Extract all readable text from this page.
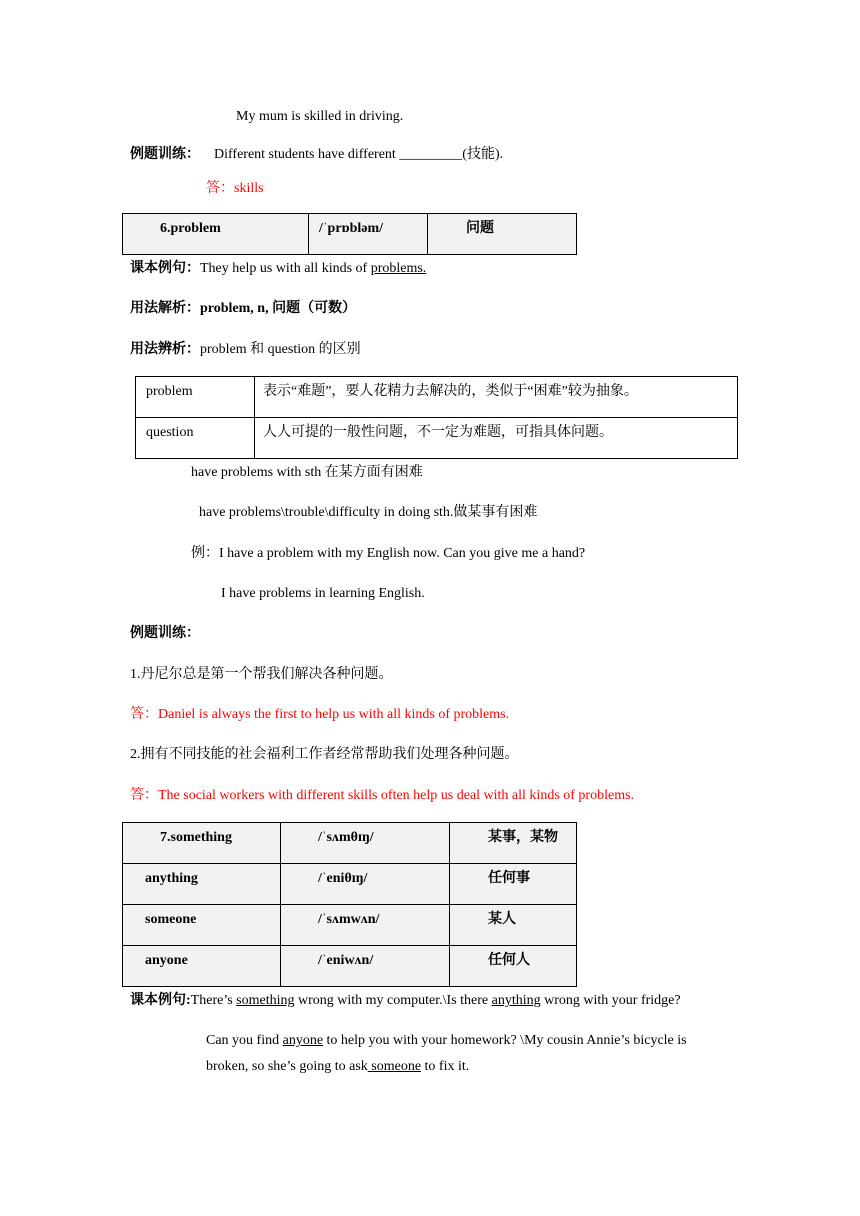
My mum is skilled in driving.
例题训练： Different students have different _________(技能).
答：skills
6.problem	/ˈprɒbləm/	问题
课本例句：They help us with all kinds of problems.
用法解析：problem, n, 问题（可数）
用法辨析：problem 和 question 的区别
problem	表示“难题”，要人花精力去解决的，类似于“困难”较为抽象。
question	人人可提的一般性问题，不一定为难题，可指具体问题。
have problems with sth 在某方面有困难
have problems\trouble\difficulty in doing sth.做某事有困难
例：I have a problem with my English now. Can you give me a hand?
I have problems in learning English.
例题训练：
1.丹尼尔总是第一个帮我们解决各种问题。
答：Daniel is always the first to help us with all kinds of problems.
2.拥有不同技能的社会福利工作者经常帮助我们处理各种问题。
答：The social workers with different skills often help us deal with all kinds of problems.
7.something	/ˈsʌmθɪŋ/	某事，某物
anything	/ˈeniθɪŋ/	任何事
someone	/ˈsʌmwʌn/	某人
anyone	/ˈeniwʌn/	任何人
课本例句:There’s something wrong with my computer.\Is there anything wrong with your fridge?
Can you find anyone to help you with your homework? \My cousin Annie’s bicycle is
broken, so she’s going to ask someone to fix it.
